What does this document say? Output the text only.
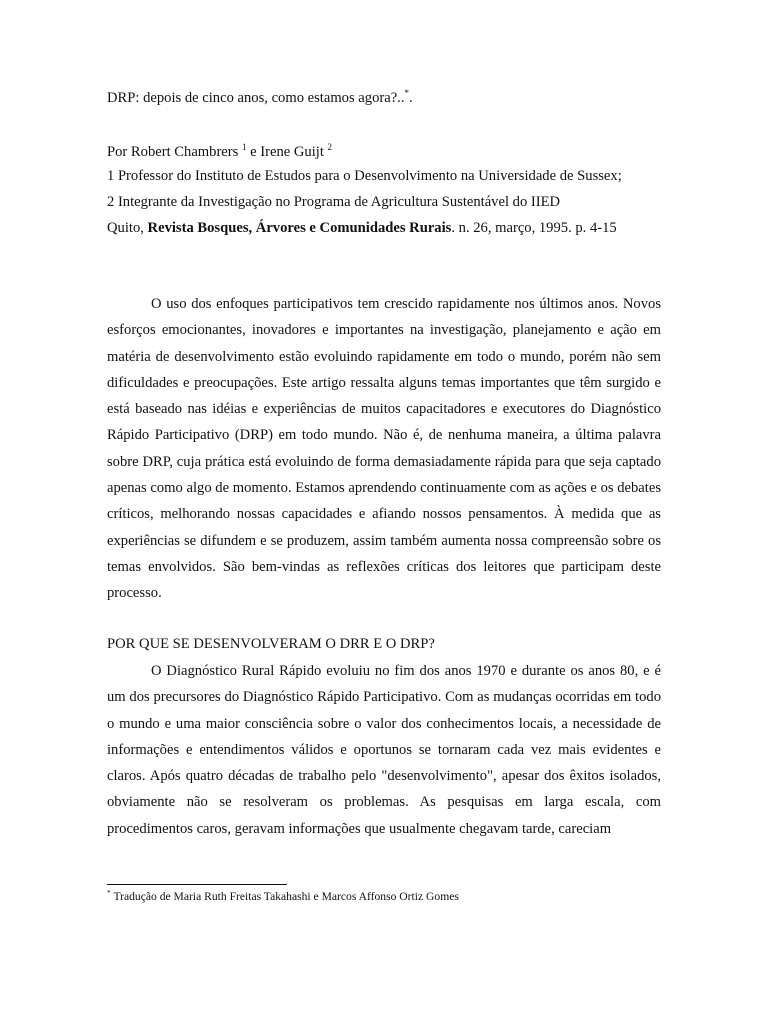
DRP: depois de cinco anos, como estamos agora?..*.
Por Robert Chambrers $^1$ e Irene Guijt $^2$
1 Professor do Instituto de Estudos para o Desenvolvimento na Universidade de Sussex;
2 Integrante da Investigação no Programa de Agricultura Sustentável do IIED
Quito, Revista Bosques, Árvores e Comunidades Rurais. n. 26, março, 1995. p. 4-15

O uso dos enfoques participativos tem crescido rapidamente nos últimos anos. Novos esforços emocionantes, inovadores e importantes na investigação, planejamento e ação em matéria de desenvolvimento estão evoluindo rapidamente em todo o mundo, porém não sem dificuldades e preocupações. Este artigo ressalta alguns temas importantes que têm surgido e está baseado nas idéias e experiências de muitos capacitadores e executores do Diagnóstico Rápido Participativo (DRP) em todo mundo. Não é, de nenhuma maneira, a última palavra sobre DRP, cuja prática está evoluindo de forma demasiadamente rápida para que seja captado apenas como algo de momento. Estamos aprendendo continuamente com as ações e os debates críticos, melhorando nossas capacidades e afiando nossos pensamentos. À medida que as experiências se difundem e se produzem, assim também aumenta nossa compreensão sobre os temas envolvidos. São bem-vindas as reflexões críticas dos leitores que participam deste processo.

POR QUE SE DESENVOLVERAM O DRR E O DRP?

O Diagnóstico Rural Rápido evoluiu no fim dos anos 1970 e durante os anos 80, e é um dos precursores do Diagnóstico Rápido Participativo. Com as mudanças ocorridas em todo o mundo e uma maior consciência sobre o valor dos conhecimentos locais, a necessidade de informações e entendimentos válidos e oportunos se tornaram cada vez mais evidentes e claros. Após quatro décadas de trabalho pelo "desenvolvimento", apesar dos êxitos isolados, obviamente não se resolveram os problemas. As pesquisas em larga escala, com procedimentos caros, geravam informações que usualmente chegavam tarde, careciam

* Tradução de Maria Ruth Freitas Takahashi e Marcos Affonso Ortiz Gomes
